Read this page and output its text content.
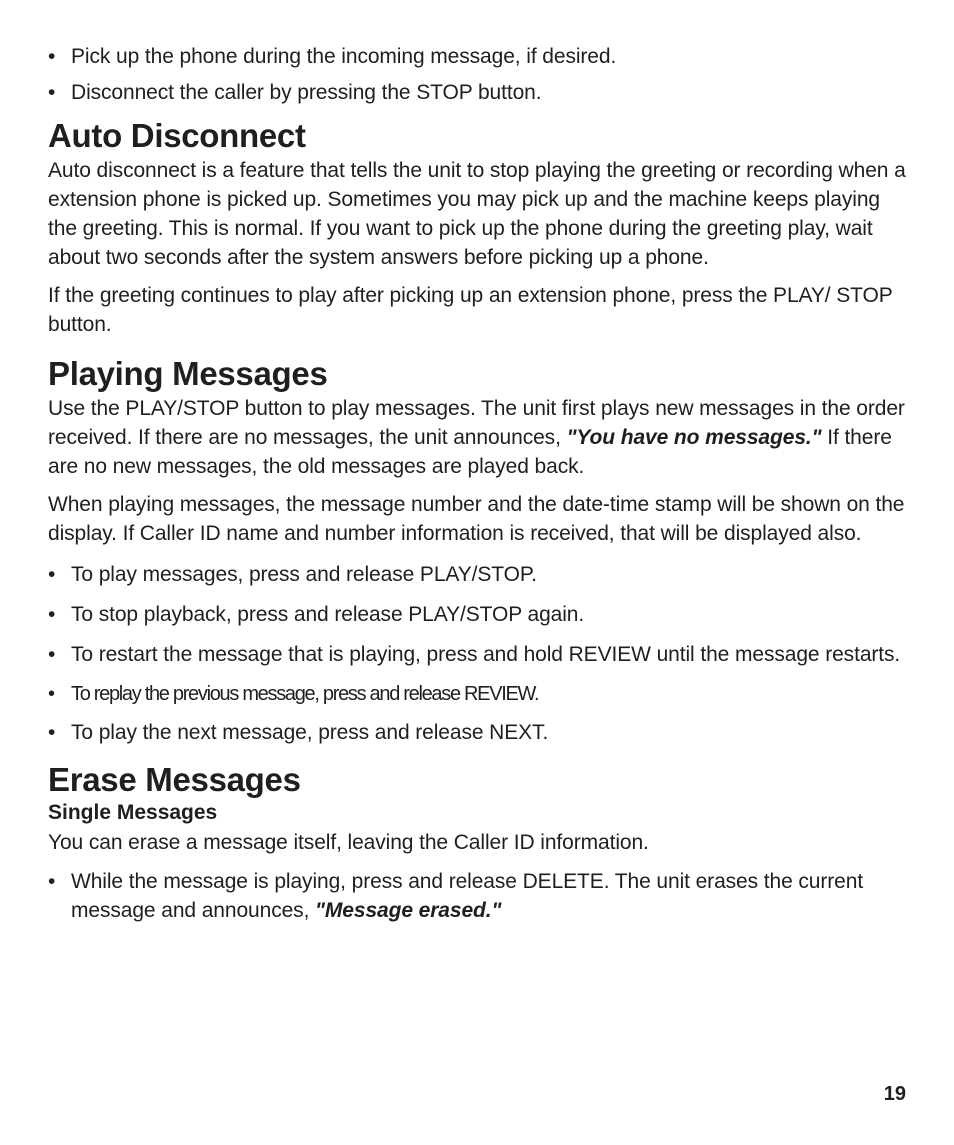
• Pick up the phone during the incoming message, if desired.
• Disconnect the caller by pressing the STOP button.
Auto Disconnect

Auto disconnect is a feature that tells the unit to stop playing the greeting or recording when a extension phone is picked up. Sometimes you may pick up and the machine keeps playing the greeting. This is normal. If you want to pick up the phone during the greeting play, wait about two seconds after the system answers before picking up a phone.

If the greeting continues to play after picking up an extension phone, press the PLAY/ STOP button.

Playing Messages

Use the PLAY/STOP button to play messages. The unit first plays new messages in the order received. If there are no messages, the unit announces, "You have no messages." If there are no new messages, the old messages are played back.

When playing messages, the message number and the date-time stamp will be shown on the display. If Caller ID name and number information is received, that will be displayed also.

• To play messages, press and release PLAY/STOP.
• To stop playback, press and release PLAY/STOP again.
• To restart the message that is playing, press and hold REVIEW until the message restarts.
• To replay the previous message, press and release REVIEW.
• To play the next message, press and release NEXT.
Erase Messages
Single Messages

You can erase a message itself, leaving the Caller ID information.

• While the message is playing, press and release DELETE. The unit erases the current message and announces, "Message erased."
19
